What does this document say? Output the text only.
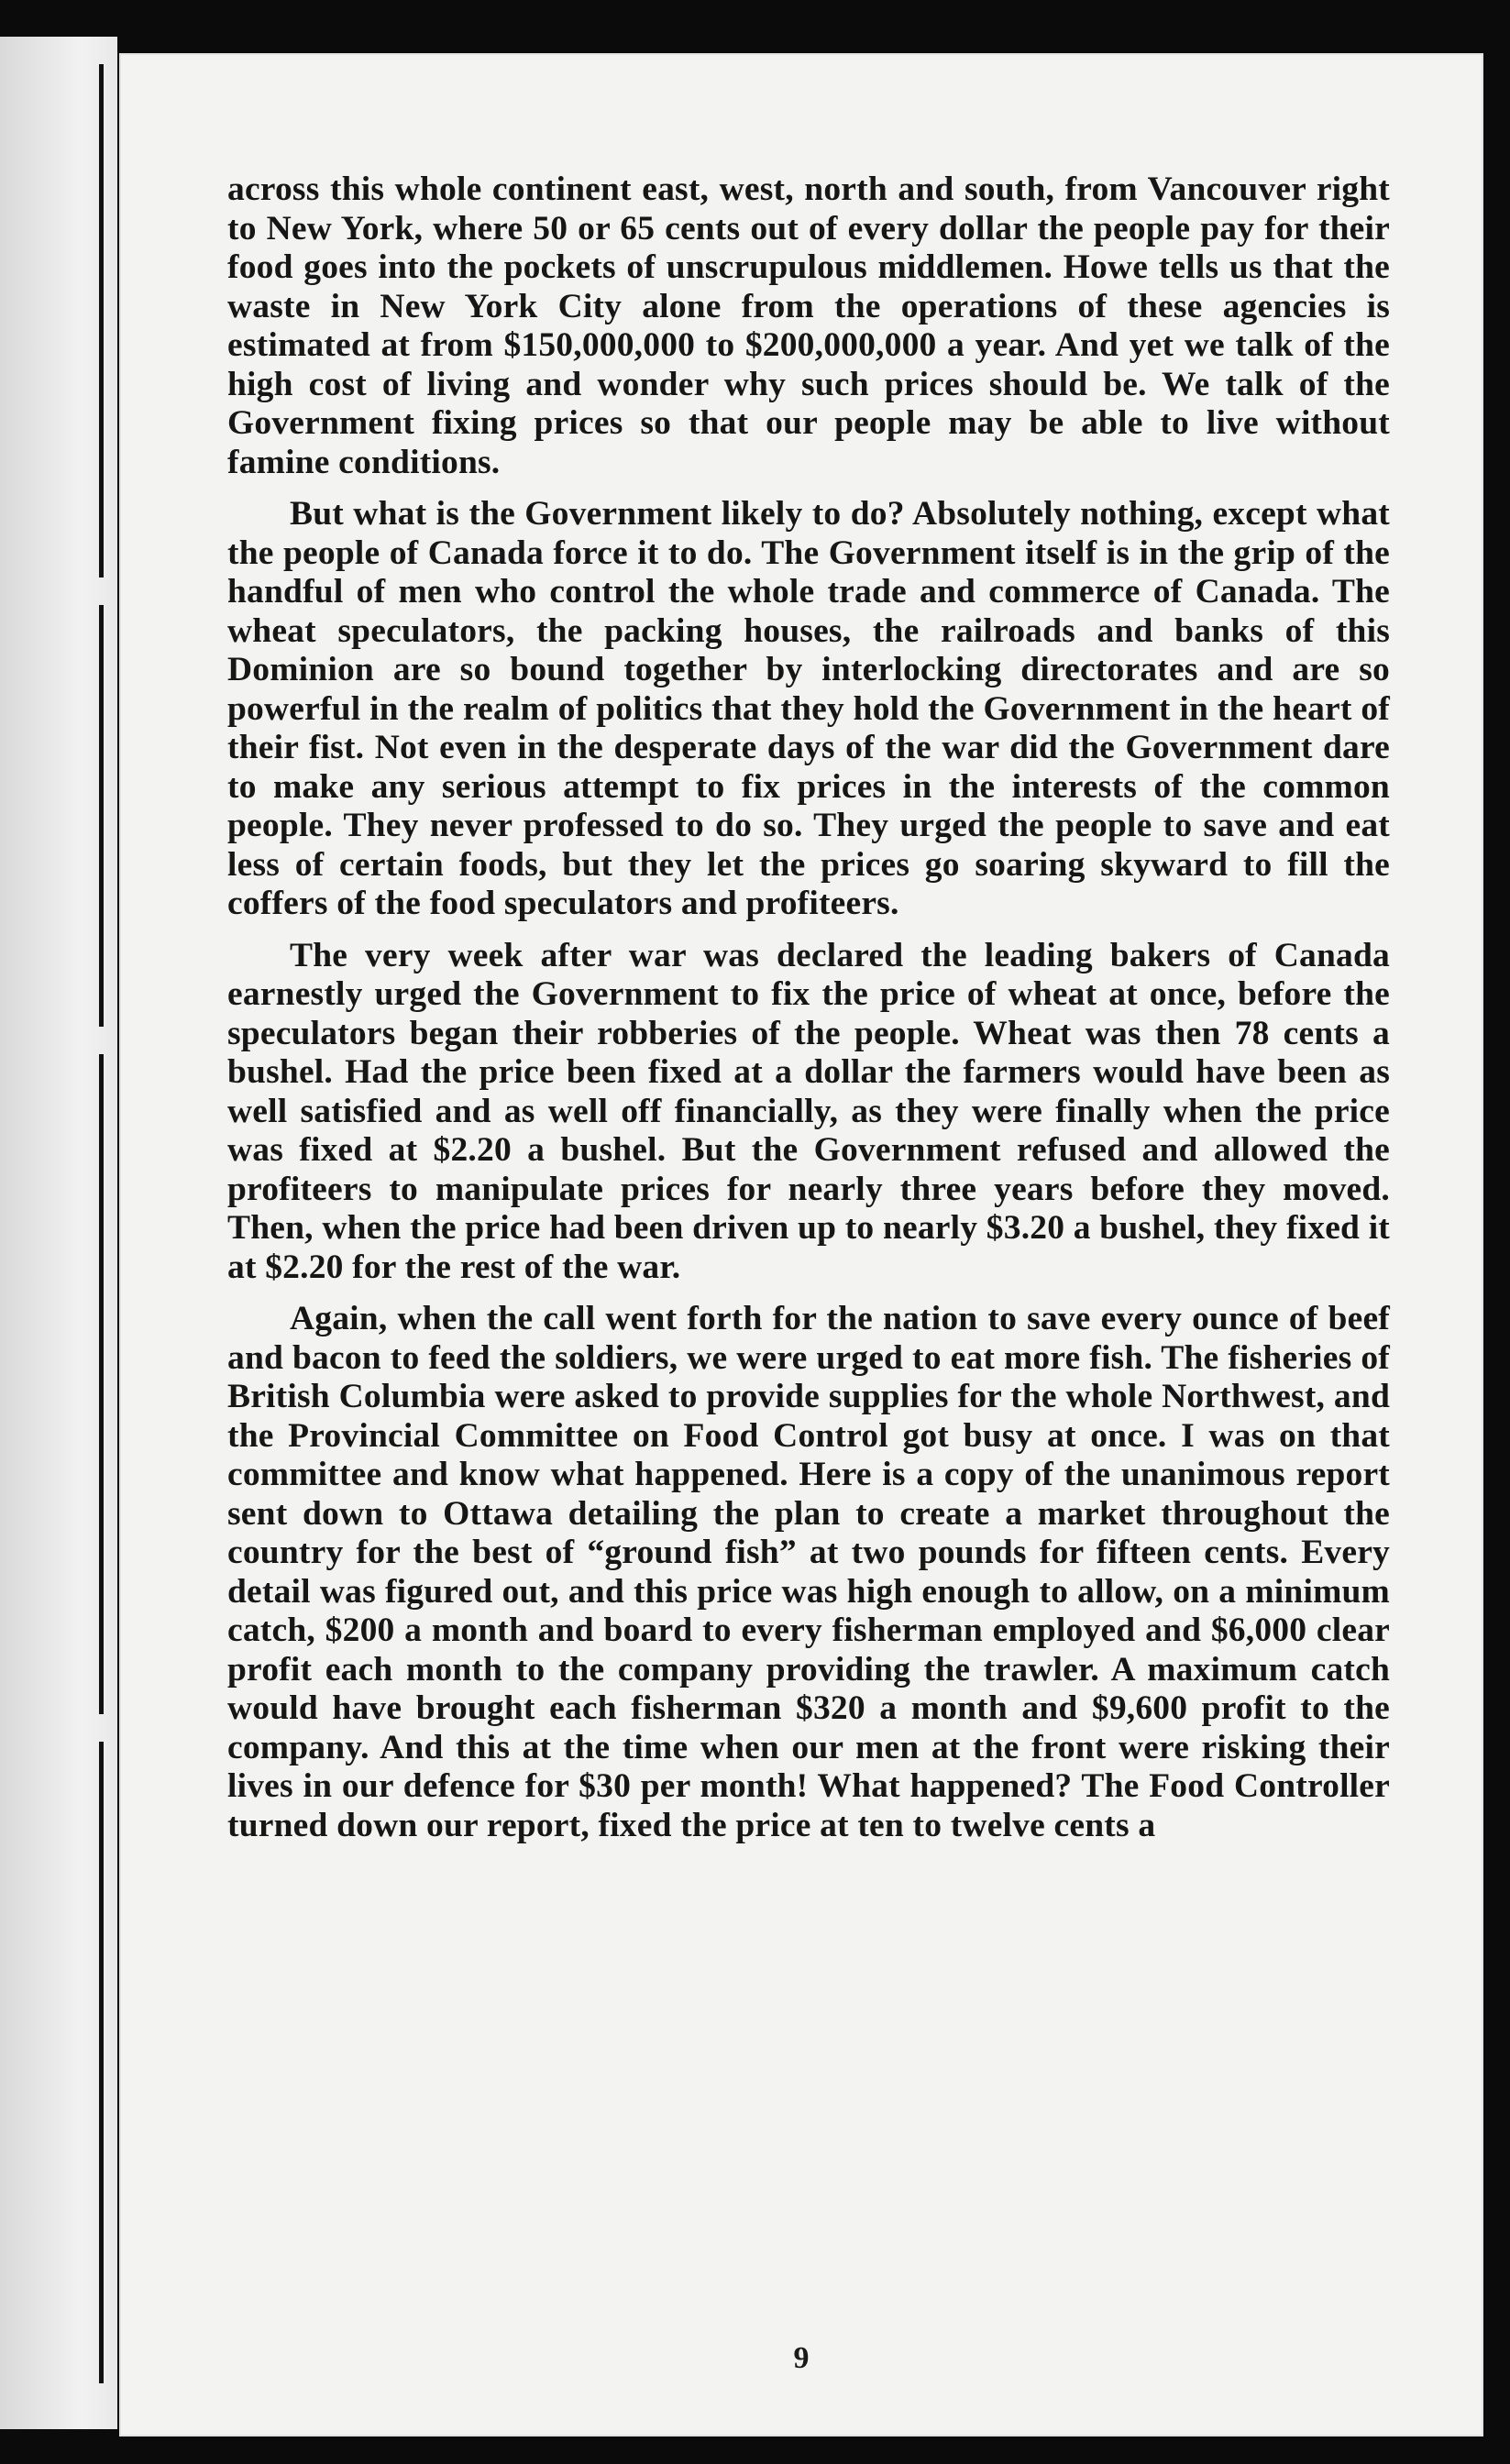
across this whole continent east, west, north and south, from Vancouver right to New York, where 50 or 65 cents out of every dollar the people pay for their food goes into the pockets of unscrupulous middlemen. Howe tells us that the waste in New York City alone from the operations of these agencies is estimated at from $150,000,000 to $200,000,000 a year. And yet we talk of the high cost of living and wonder why such prices should be. We talk of the Government fixing prices so that our people may be able to live without famine conditions.

But what is the Government likely to do? Absolutely nothing, except what the people of Canada force it to do. The Government itself is in the grip of the handful of men who control the whole trade and commerce of Canada. The wheat speculators, the packing houses, the railroads and banks of this Dominion are so bound together by interlocking directorates and are so powerful in the realm of politics that they hold the Government in the heart of their fist. Not even in the desperate days of the war did the Government dare to make any serious attempt to fix prices in the interests of the common people. They never professed to do so. They urged the people to save and eat less of certain foods, but they let the prices go soaring skyward to fill the coffers of the food speculators and profiteers.

The very week after war was declared the leading bakers of Canada earnestly urged the Government to fix the price of wheat at once, before the speculators began their robberies of the people. Wheat was then 78 cents a bushel. Had the price been fixed at a dollar the farmers would have been as well satisfied and as well off financially, as they were finally when the price was fixed at $2.20 a bushel. But the Government refused and allowed the profiteers to manipulate prices for nearly three years before they moved. Then, when the price had been driven up to nearly $3.20 a bushel, they fixed it at $2.20 for the rest of the war.

Again, when the call went forth for the nation to save every ounce of beef and bacon to feed the soldiers, we were urged to eat more fish. The fisheries of British Columbia were asked to provide supplies for the whole Northwest, and the Provincial Committee on Food Control got busy at once. I was on that committee and know what happened. Here is a copy of the unanimous report sent down to Ottawa detailing the plan to create a market throughout the country for the best of “ground fish” at two pounds for fifteen cents. Every detail was figured out, and this price was high enough to allow, on a minimum catch, $200 a month and board to every fisherman employed and $6,000 clear profit each month to the company providing the trawler. A maximum catch would have brought each fisherman $320 a month and $9,600 profit to the company. And this at the time when our men at the front were risking their lives in our defence for $30 per month! What happened? The Food Controller turned down our report, fixed the price at ten to twelve cents a

9
